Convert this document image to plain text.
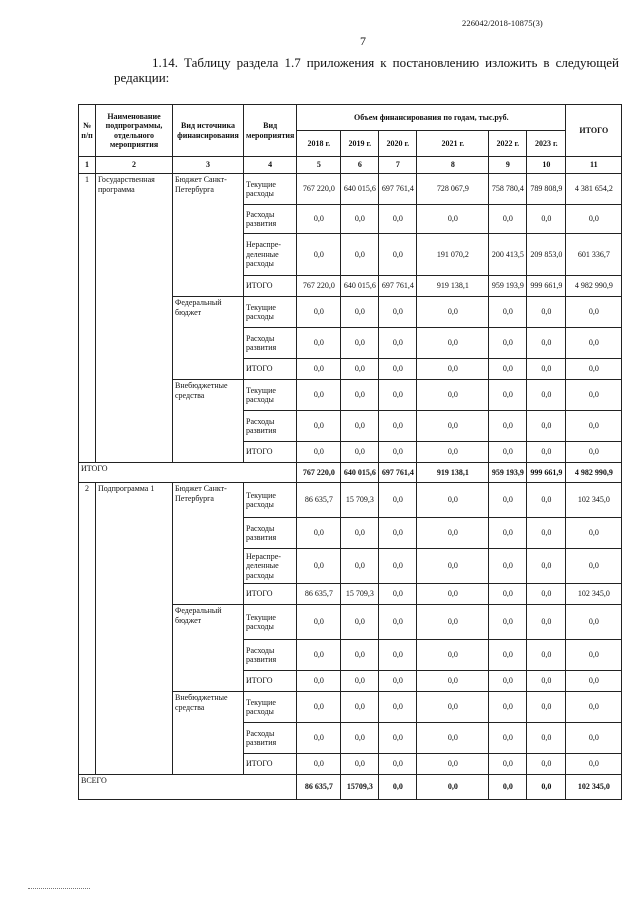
226042/2018-10875(3)
7
1.14. Таблицу раздела 1.7 приложения к постановлению изложить в следующей редакции:
№ п/п	Наименование подпрограммы, отдельного мероприятия	Вид источника финансирования	Вид мероприятия	Объем финансирования по годам, тыс.руб.						ИТОГО
				2018 г.	2019 г.	2020 г.	2021 г.	2022 г.	2023 г.	
1	2	3	4	5	6	7	8	9	10	11
1	Государственная программа	Бюджет Санкт-Петербурга	Текущие расходы	767 220,0	640 015,6	697 761,4	728 067,9	758 780,4	789 808,9	4 381 654,2
			Расходы развития	0,0	0,0	0,0	0,0	0,0	0,0	0,0
			Нераспре-деленные расходы	0,0	0,0	0,0	191 070,2	200 413,5	209 853,0	601 336,7
			ИТОГО	767 220,0	640 015,6	697 761,4	919 138,1	959 193,9	999 661,9	4 982 990,9
		Федеральный бюджет	Текущие расходы	0,0	0,0	0,0	0,0	0,0	0,0	0,0
			Расходы развития	0,0	0,0	0,0	0,0	0,0	0,0	0,0
			ИТОГО	0,0	0,0	0,0	0,0	0,0	0,0	0,0
		Внебюджетные средства	Текущие расходы	0,0	0,0	0,0	0,0	0,0	0,0	0,0
			Расходы развития	0,0	0,0	0,0	0,0	0,0	0,0	0,0
			ИТОГО	0,0	0,0	0,0	0,0	0,0	0,0	0,0
ИТОГО				767 220,0	640 015,6	697 761,4	919 138,1	959 193,9	999 661,9	4 982 990,9
2	Подпрограмма 1	Бюджет Санкт-Петербурга	Текущие расходы	86 635,7	15 709,3	0,0	0,0	0,0	0,0	102 345,0
			Расходы развития	0,0	0,0	0,0	0,0	0,0	0,0	0,0
			Нераспре-деленные расходы	0,0	0,0	0,0	0,0	0,0	0,0	0,0
			ИТОГО	86 635,7	15 709,3	0,0	0,0	0,0	0,0	102 345,0
		Федеральный бюджет	Текущие расходы	0,0	0,0	0,0	0,0	0,0	0,0	0,0
			Расходы развития	0,0	0,0	0,0	0,0	0,0	0,0	0,0
			ИТОГО	0,0	0,0	0,0	0,0	0,0	0,0	0,0
		Внебюджетные средства	Текущие расходы	0,0	0,0	0,0	0,0	0,0	0,0	0,0
			Расходы развития	0,0	0,0	0,0	0,0	0,0	0,0	0,0
			ИТОГО	0,0	0,0	0,0	0,0	0,0	0,0	0,0
ВСЕГО				86 635,7	15709,3	0,0	0,0	0,0	0,0	102 345,0
